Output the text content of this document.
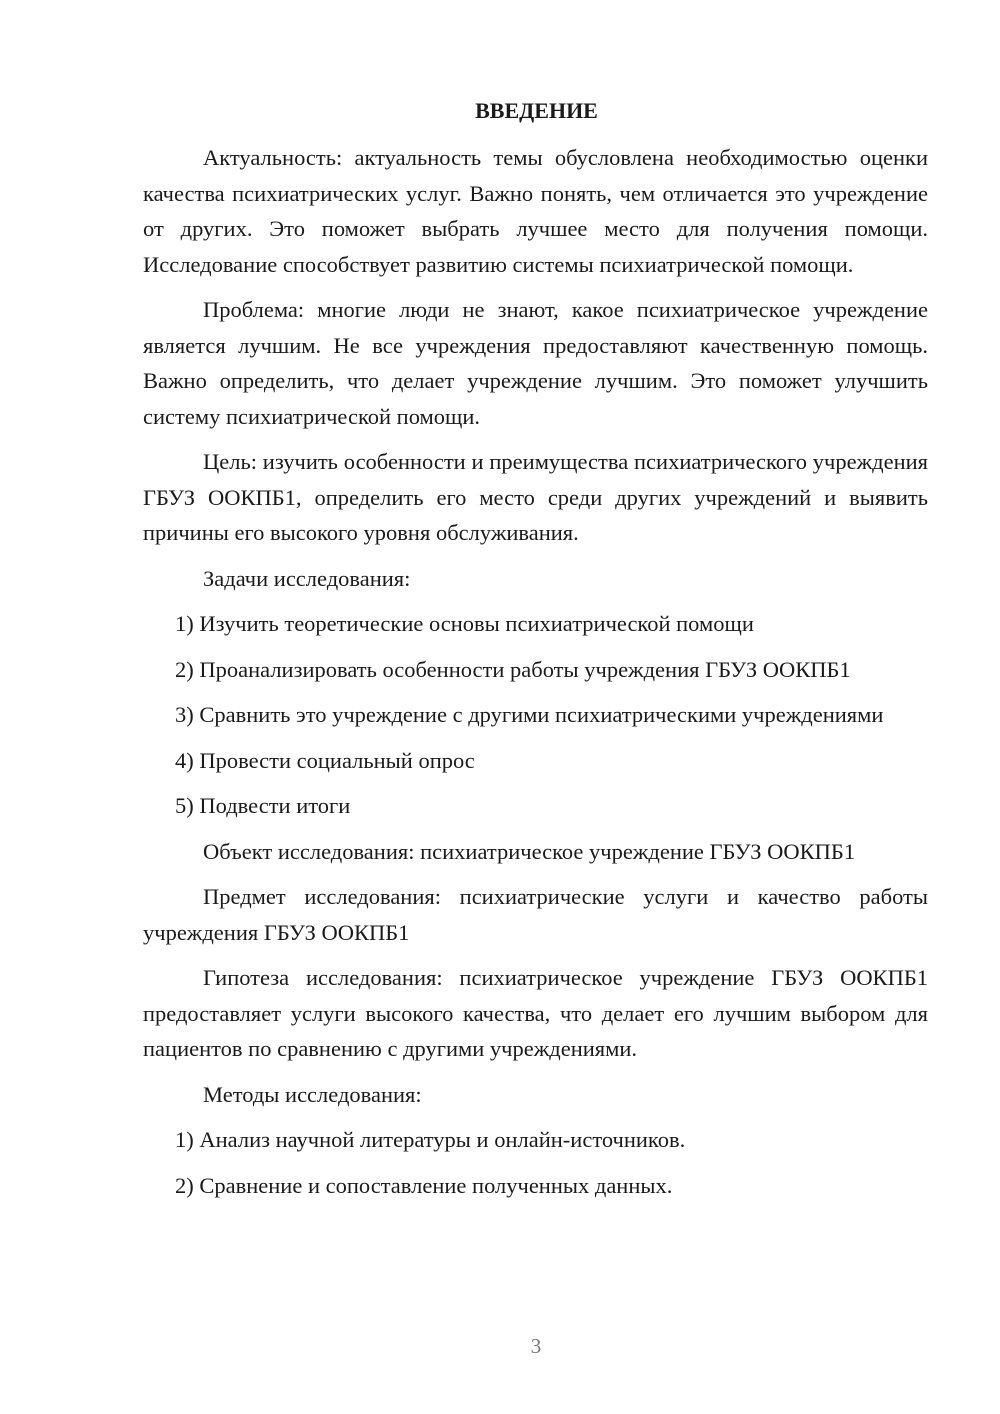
ВВЕДЕНИЕ

Актуальность: актуальность темы обусловлена необходимостью оценки качества психиатрических услуг. Важно понять, чем отличается это учреждение от других. Это поможет выбрать лучшее место для получения помощи. Исследование способствует развитию системы психиатрической помощи.

Проблема: многие люди не знают, какое психиатрическое учреждение является лучшим. Не все учреждения предоставляют качественную помощь. Важно определить, что делает учреждение лучшим. Это поможет улучшить систему психиатрической помощи.

Цель: изучить особенности и преимущества психиатрического учреждения ГБУЗ ООКПБ1, определить его место среди других учреждений и выявить причины его высокого уровня обслуживания.

Задачи исследования:

1) Изучить теоретические основы психиатрической помощи

2) Проанализировать особенности работы учреждения ГБУЗ ООКПБ1

3) Сравнить это учреждение с другими психиатрическими учреждениями

4) Провести социальный опрос

5) Подвести итоги

Объект исследования: психиатрическое учреждение ГБУЗ ООКПБ1

Предмет исследования: психиатрические услуги и качество работы учреждения ГБУЗ ООКПБ1

Гипотеза исследования: психиатрическое учреждение ГБУЗ ООКПБ1 предоставляет услуги высокого качества, что делает его лучшим выбором для пациентов по сравнению с другими учреждениями.

Методы исследования:

1) Анализ научной литературы и онлайн-источников.

2) Сравнение и сопоставление полученных данных.

3
